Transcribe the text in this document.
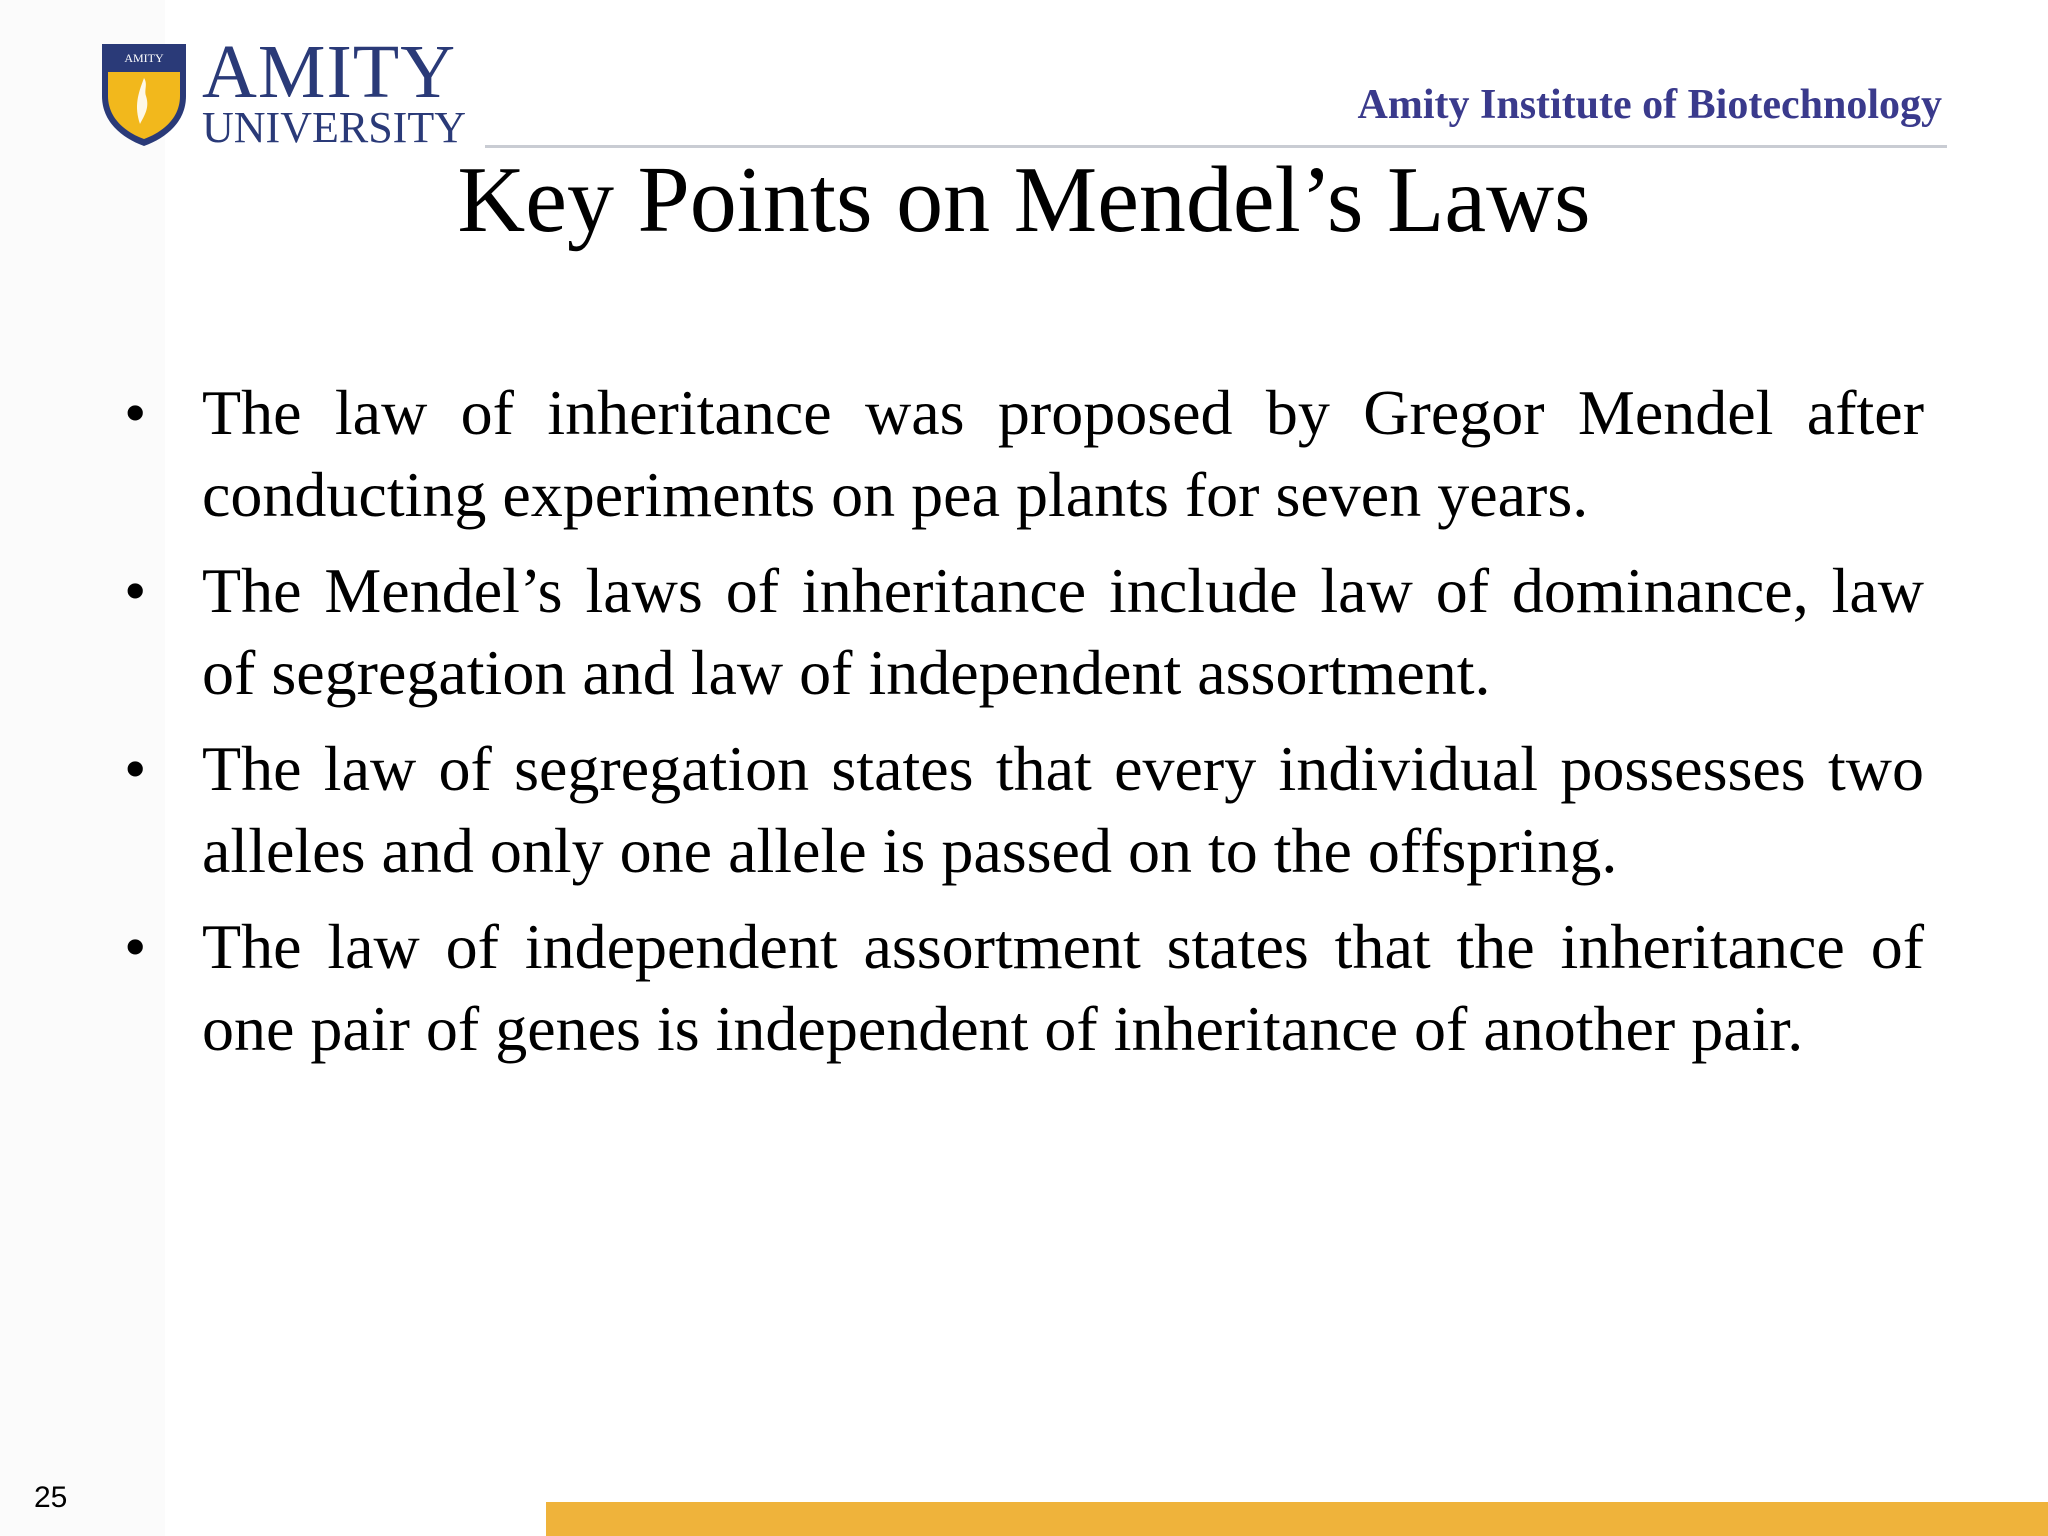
AMITY AMITY
UNIVERSITY	Amity Institute of Biotechnology
Key Points on Mendel’s Laws
• The law of inheritance was proposed by Gregor Mendel after conducting experiments on pea plants for seven years.
• The Mendel’s laws of inheritance include law of dominance, law of segregation and law of independent assortment.
• The law of segregation states that every individual possesses two alleles and only one allele is passed on to the offspring.
• The law of independent assortment states that the inheritance of one pair of genes is independent of inheritance of another pair.
25
